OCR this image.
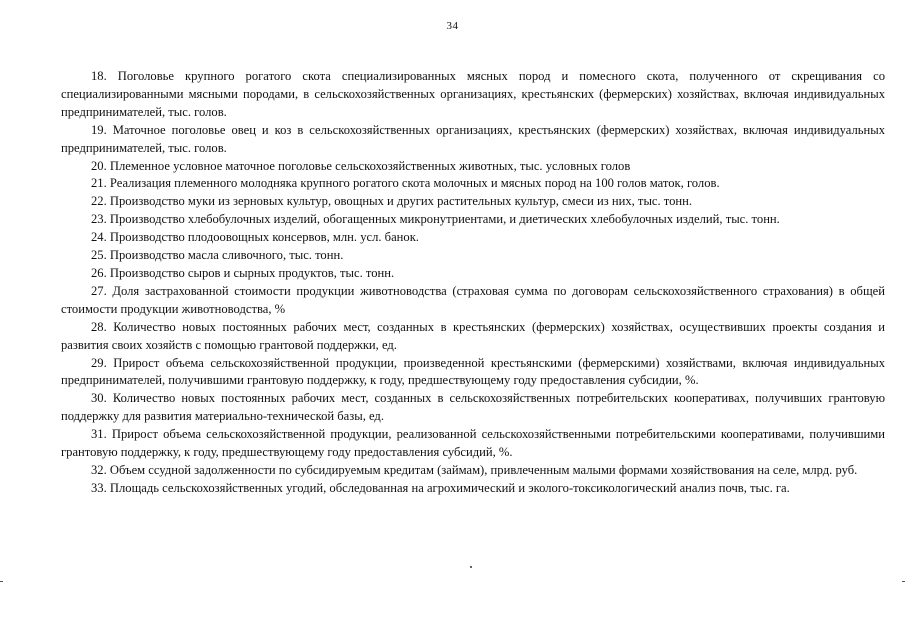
34

18. Поголовье крупного рогатого скота специализированных мясных пород и помесного скота, полученного от скрещивания со специализированными мясными породами, в сельскохозяйственных организациях, крестьянских (фермерских) хозяйствах, включая индивидуальных предпринимателей, тыс. голов.

19. Маточное поголовье овец и коз в сельскохозяйственных организациях, крестьянских (фермерских) хозяйствах, включая индивидуальных предпринимателей, тыс. голов.

20. Племенное условное маточное поголовье сельскохозяйственных животных, тыс. условных голов

21. Реализация племенного молодняка крупного рогатого скота молочных и мясных пород на 100 голов маток, голов.

22. Производство муки из зерновых культур, овощных и других растительных культур, смеси из них, тыс. тонн.

23. Производство хлебобулочных изделий, обогащенных микронутриентами, и диетических хлебобулочных изделий, тыс. тонн.

24. Производство плодоовощных консервов, млн. усл. банок.

25. Производство масла сливочного, тыс. тонн.

26. Производство сыров и сырных продуктов, тыс. тонн.

27. Доля застрахованной стоимости продукции животноводства (страховая сумма по договорам сельскохозяйственного страхования) в общей стоимости продукции животноводства, %

28. Количество новых постоянных рабочих мест, созданных в крестьянских (фермерских) хозяйствах, осуществивших проекты создания и развития своих хозяйств с помощью грантовой поддержки, ед.

29. Прирост объема сельскохозяйственной продукции, произведенной крестьянскими (фермерскими) хозяйствами, включая индивидуальных предпринимателей, получившими грантовую поддержку, к году, предшествующему году предоставления субсидии, %.

30. Количество новых постоянных рабочих мест, созданных в сельскохозяйственных потребительских кооперативах, получивших грантовую поддержку для развития материально-технической базы, ед.

31. Прирост объема сельскохозяйственной продукции, реализованной сельскохозяйственными потребительскими кооперативами, получившими грантовую поддержку, к году, предшествующему году предоставления субсидий, %.

32. Объем ссудной задолженности по субсидируемым кредитам (займам), привлеченным малыми формами хозяйствования на селе, млрд. руб.

33. Площадь сельскохозяйственных угодий, обследованная на агрохимический и эколого-токсикологический анализ почв, тыс. га.
